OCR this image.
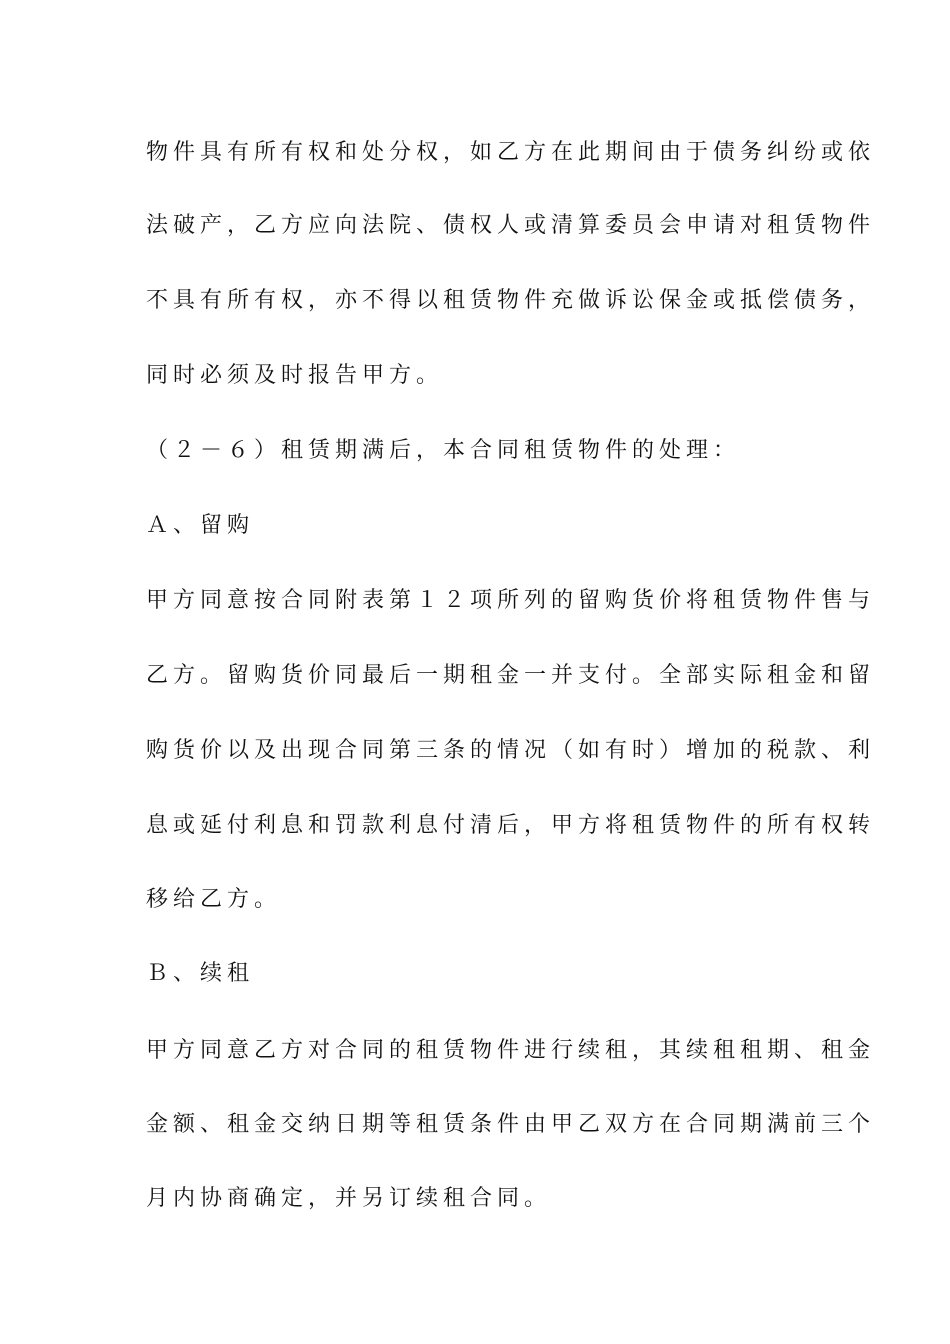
物件具有所有权和处分权，如乙方在此期间由于债务纠纷或依
法破产，乙方应向法院、债权人或清算委员会申请对租赁物件
不具有所有权，亦不得以租赁物件充做诉讼保金或抵偿债务，
同时必须及时报告甲方。
（２－６）租赁期满后，本合同租赁物件的处理：
Ａ、留购
甲方同意按合同附表第１２项所列的留购货价将租赁物件售与
乙方。留购货价同最后一期租金一并支付。全部实际租金和留
购货价以及出现合同第三条的情况（如有时）增加的税款、利
息或延付利息和罚款利息付清后，甲方将租赁物件的所有权转
移给乙方。
Ｂ、续租
甲方同意乙方对合同的租赁物件进行续租，其续租租期、租金
金额、租金交纳日期等租赁条件由甲乙双方在合同期满前三个
月内协商确定，并另订续租合同。
